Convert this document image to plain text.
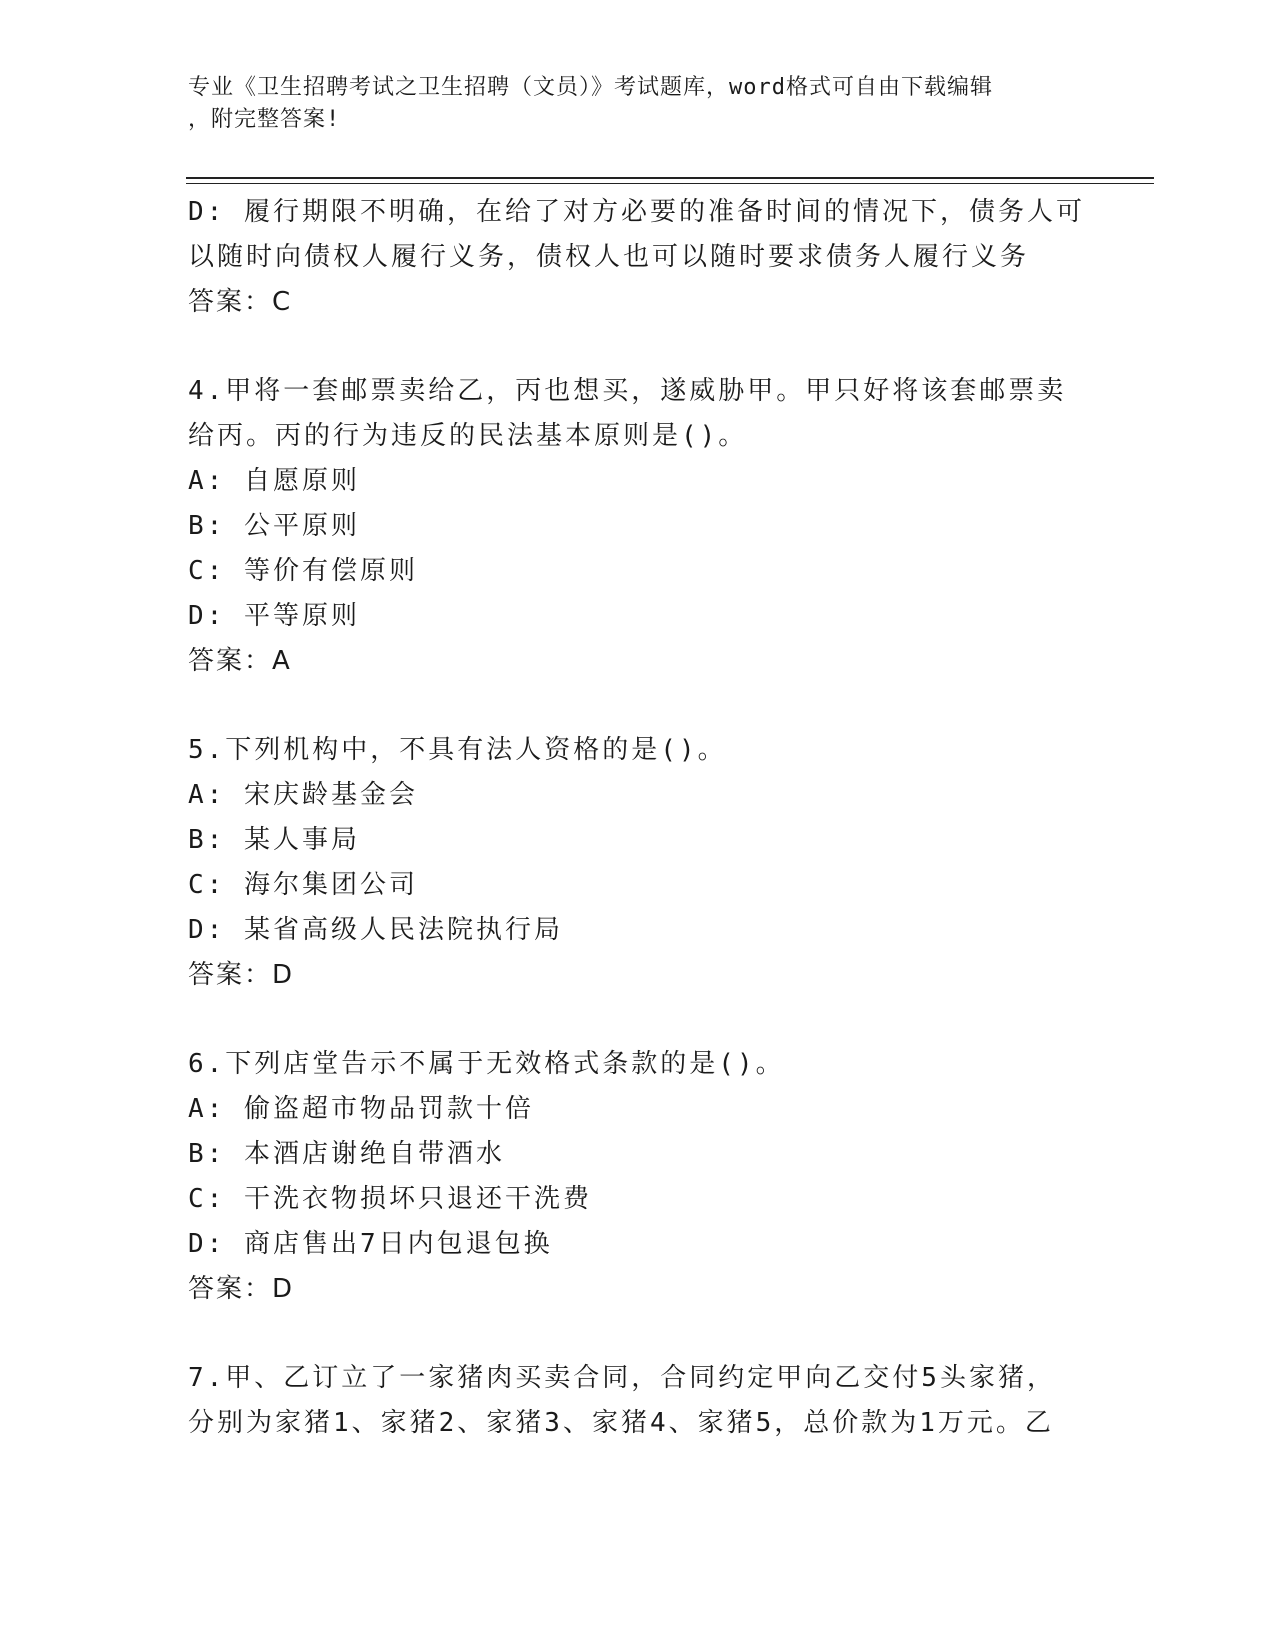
专业《卫生招聘考试之卫生招聘（文员）》考试题库，word格式可自由下载编辑
，附完整答案!
D: 履行期限不明确，在给了对方必要的准备时间的情况下，债务人可
以随时向债权人履行义务，债权人也可以随时要求债务人履行义务
答案：C
4.甲将一套邮票卖给乙，丙也想买，遂威胁甲。甲只好将该套邮票卖
给丙。丙的行为违反的民法基本原则是()。
A: 自愿原则
B: 公平原则
C: 等价有偿原则
D: 平等原则
答案：A
5.下列机构中，不具有法人资格的是()。
A: 宋庆龄基金会
B: 某人事局
C: 海尔集团公司
D: 某省高级人民法院执行局
答案：D
6.下列店堂告示不属于无效格式条款的是()。
A: 偷盗超市物品罚款十倍
B: 本酒店谢绝自带酒水
C: 干洗衣物损坏只退还干洗费
D: 商店售出7日内包退包换
答案：D
7.甲、乙订立了一家猪肉买卖合同，合同约定甲向乙交付5头家猪，
分别为家猪1、家猪2、家猪3、家猪4、家猪5，总价款为1万元。乙
